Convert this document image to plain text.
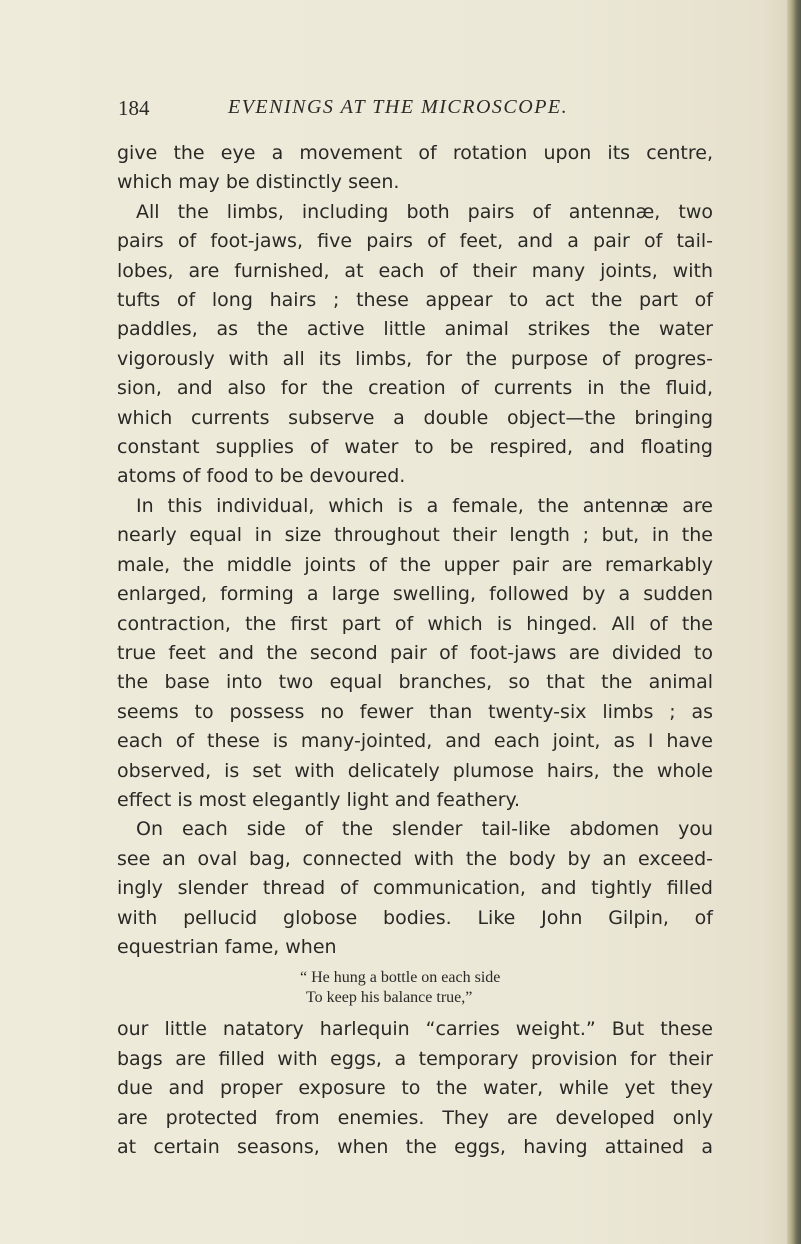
184	EVENINGS AT THE MICROSCOPE.
give the eye a movement of rotation upon its centre,
which may be distinctly seen.
All the limbs, including both pairs of antennæ, two
pairs of foot-jaws, five pairs of feet, and a pair of tail-
lobes, are furnished, at each of their many joints, with
tufts of long hairs ; these appear to act the part of
paddles, as the active little animal strikes the water
vigorously with all its limbs, for the purpose of progres-
sion, and also for the creation of currents in the fluid,
which currents subserve a double object—the bringing
constant supplies of water to be respired, and floating
atoms of food to be devoured.
In this individual, which is a female, the antennæ are
nearly equal in size throughout their length ; but, in the
male, the middle joints of the upper pair are remarkably
enlarged, forming a large swelling, followed by a sudden
contraction, the first part of which is hinged. All of the
true feet and the second pair of foot-jaws are divided to
the base into two equal branches, so that the animal
seems to possess no fewer than twenty-six limbs ; as
each of these is many-jointed, and each joint, as I have
observed, is set with delicately plumose hairs, the whole
effect is most elegantly light and feathery.
On each side of the slender tail-like abdomen you
see an oval bag, connected with the body by an exceed-
ingly slender thread of communication, and tightly filled
with pellucid globose bodies. Like John Gilpin, of
equestrian fame, when
“ He hung a bottle on each side
To keep his balance true,”
our little natatory harlequin “carries weight.” But these
bags are filled with eggs, a temporary provision for their
due and proper exposure to the water, while yet they
are protected from enemies. They are developed only
at certain seasons, when the eggs, having attained a
